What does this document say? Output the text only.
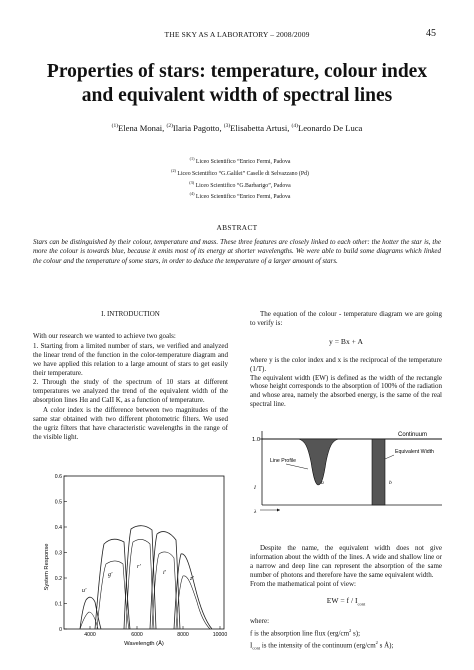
THE SKY AS A LABORATORY – 2008/2009	45
Properties of stars: temperature, colour index
and equivalent width of spectral lines
$^{(1)}$Elena Monai, $^{(2)}$Ilaria Pagotto, $^{(3)}$Elisabetta Artusi, $^{(4)}$Leonardo De Luca
$^{(1)}$ Liceo Scientifico “Enrico Fermi, Padova
$^{(2)}$ Liceo Scientifico “G.Galilei” Caselle di Selvazzano (Pd)
$^{(3)}$ Liceo Scientifico “G.Barbarigo”, Padova
$^{(4)}$ Liceo Scientifico “Enrico Fermi, Padova
ABSTRACT
Stars can be distinguished by their colour, temperature and mass. These three features are closely linked to each other: the hotter the star is, the more the colour is towards blue, because it emits most of its energy at shorter wavelengths. We were able to build some diagrams which linked the colour and the temperature of some stars, in order to deduce the temperature of a larger amount of stars.
I. INTRODUCTION

With our research we wanted to achieve two goals:

1. Starting from a limited number of stars, we verified and analyzed the linear trend of the function in the color-temperature diagram and we have applied this relation to a large amount of stars to get easily their temperature.

2. Through the study of the spectrum of 10 stars at different temperatures we analyzed the trend of the equivalent width of the absorption lines Hα and CaII K, as a function of temperature.

A color index is the difference between two magnitudes of the same star obtained with two different photometric filters. We used the ugriz filters that have characteristic wavelengths in the range of the visible light.

0
0.1
0.2
0.3
0.4
0.5
0.6
4000	6000	8000	10000
u'
g'
r'
i'
z'
System Response
Wavelength (Å)

The equation of the colour - temperature diagram we are going to verify is:

y = Bx + A

where y is the color index and x is the reciprocal of the temperature (1/T).

The equivalent width (EW) is defined as the width of the rectangle whose height corresponds to the absorption of 100% of the radiation and whose area, namely the absorbed energy, is the same of the real spectral line.

1.0
Continuum
Line Profile
Equivalent Width
a	b
I
λ

Despite the name, the equivalent width does not give information about the width of the lines. A wide and shallow line or a narrow and deep line can represent the absorption of the same number of photons and therefore have the same equivalent width.

From the mathematical point of view:

EW = f / $I_{cont}$
where:
f is the absorption line flux ($erg/cm^2$ s);
$I_{cont}$ is the intensity of the continuum ($erg/cm^2$ s Å);
